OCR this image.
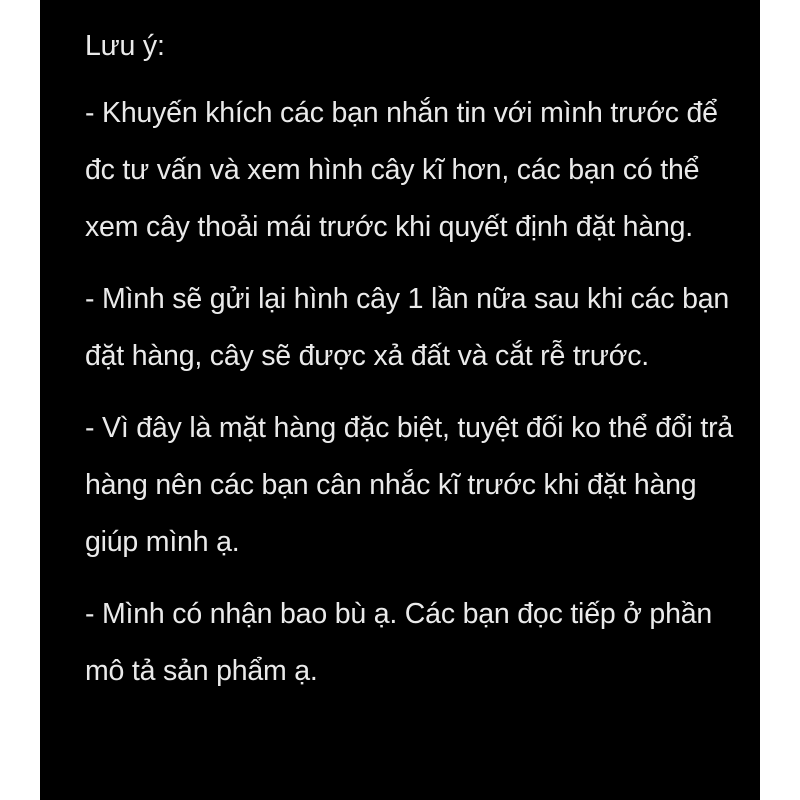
Lưu ý:

- Khuyến khích các bạn nhắn tin với mình trước để đc tư vấn và xem hình cây kĩ hơn, các bạn có thể xem cây thoải mái trước khi quyết định đặt hàng.

- Mình sẽ gửi lại hình cây 1 lần nữa sau khi các bạn đặt hàng, cây sẽ được xả đất và cắt rễ trước.

- Vì đây là mặt hàng đặc biệt, tuyệt đối ko thể đổi trả hàng nên các bạn cân nhắc kĩ trước khi đặt hàng giúp mình ạ.

- Mình có nhận bao bù ạ. Các bạn đọc tiếp ở phần mô tả sản phẩm ạ.
